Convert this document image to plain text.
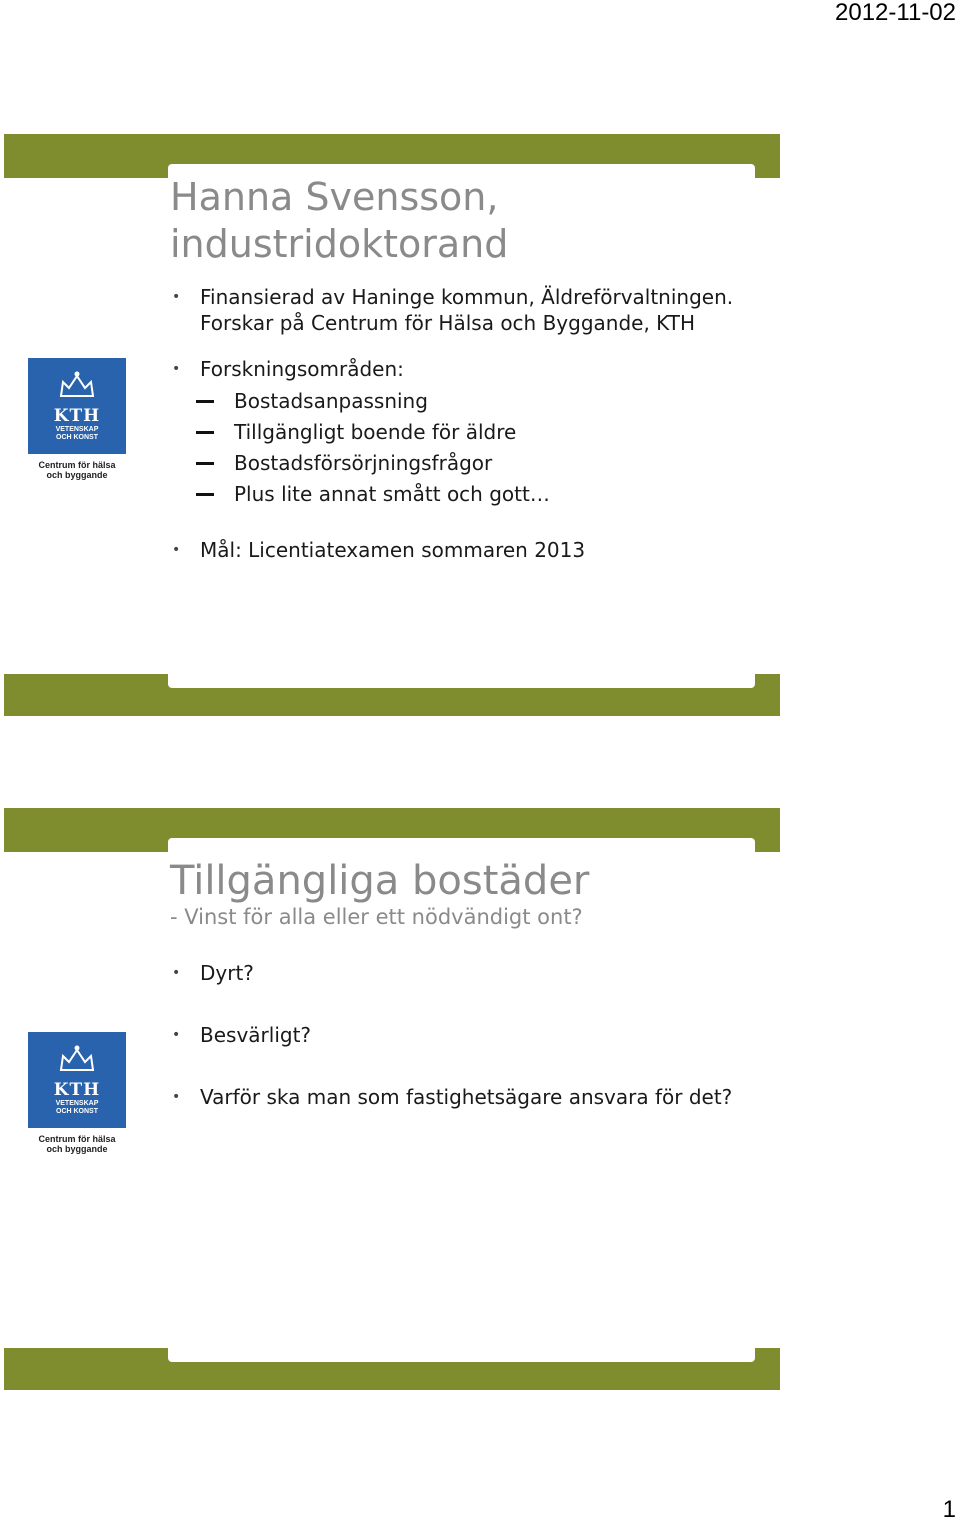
2012-11-02
KTH
VETENSKAP
OCH KONST
Centrum för hälsa
och byggande
Hanna Svensson,
industridoktorand
• Finansierad av Haninge kommun, Äldreförvaltningen. Forskar på Centrum för Hälsa och Byggande, KTH
• Forskningsområden:
Bostadsanpassning
Tillgängligt boende för äldre
Bostadsförsörjningsfrågor
Plus lite annat smått och gott…
• Mål: Licentiatexamen sommaren 2013
KTH
VETENSKAP
OCH KONST
Centrum för hälsa
och byggande
Tillgängliga bostäder
- Vinst för alla eller ett nödvändigt ont?
• Dyrt?
• Besvärligt?
• Varför ska man som fastighetsägare ansvara för det?
1
